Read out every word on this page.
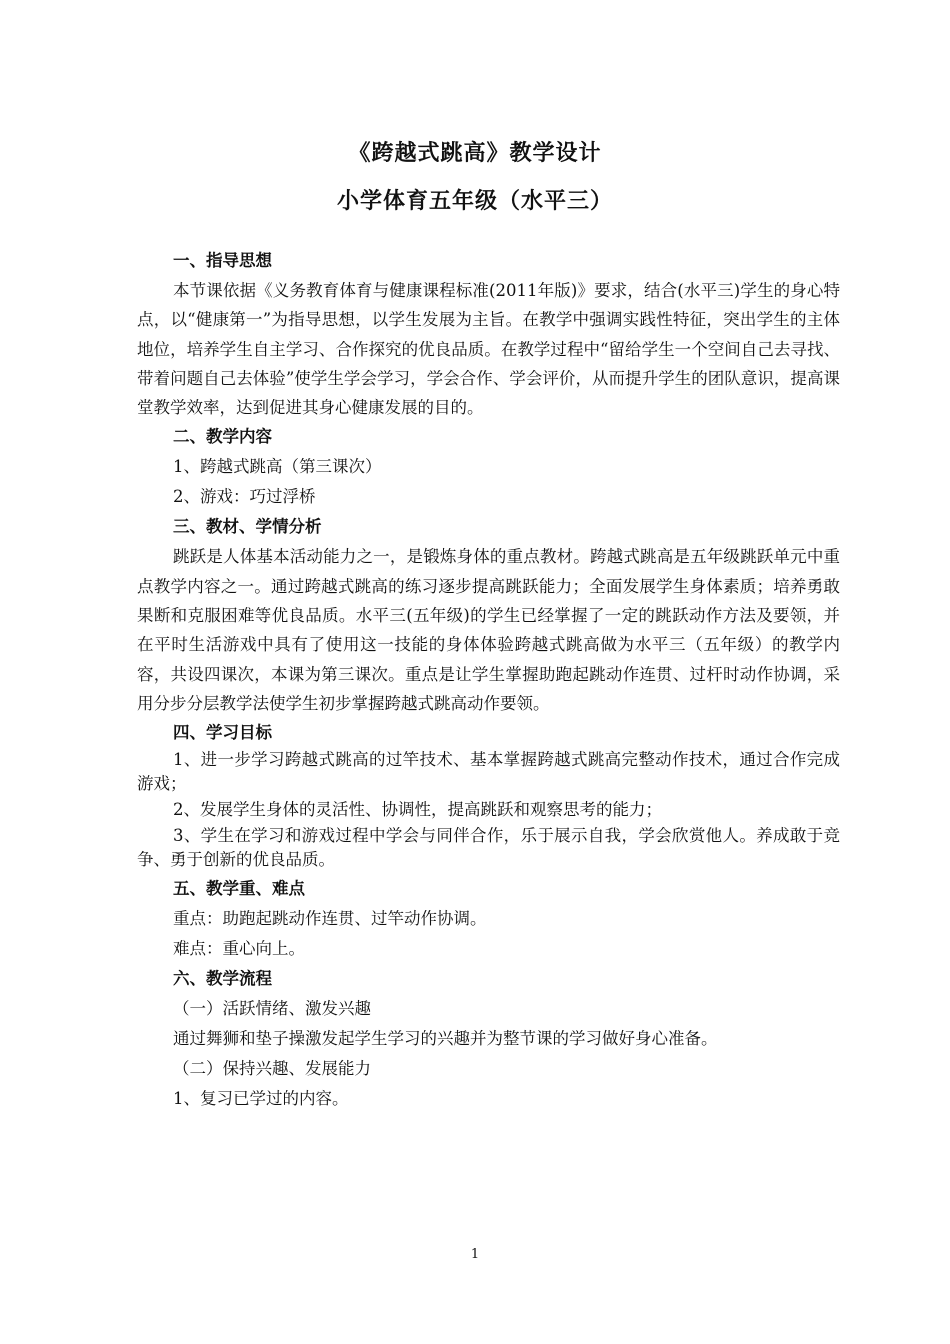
《跨越式跳高》教学设计
小学体育五年级（水平三）
一、指导思想

本节课依据《义务教育体育与健康课程标准(2011年版)》要求，结合(水平三)学生的身心特点，以“健康第一”为指导思想，以学生发展为主旨。在教学中强调实践性特征，突出学生的主体地位，培养学生自主学习、合作探究的优良品质。在教学过程中“留给学生一个空间自己去寻找、带着问题自己去体验”使学生学会学习，学会合作、学会评价，从而提升学生的团队意识，提高课堂教学效率，达到促进其身心健康发展的目的。

二、教学内容
1、跨越式跳高（第三课次）
2、游戏：巧过浮桥
三、教材、学情分析

跳跃是人体基本活动能力之一，是锻炼身体的重点教材。跨越式跳高是五年级跳跃单元中重点教学内容之一。通过跨越式跳高的练习逐步提高跳跃能力；全面发展学生身体素质；培养勇敢果断和克服困难等优良品质。水平三(五年级)的学生已经掌握了一定的跳跃动作方法及要领，并在平时生活游戏中具有了使用这一技能的身体体验跨越式跳高做为水平三（五年级）的教学内容，共设四课次，本课为第三课次。重点是让学生掌握助跑起跳动作连贯、过杆时动作协调，采用分步分层教学法使学生初步掌握跨越式跳高动作要领。

四、学习目标

1、进一步学习跨越式跳高的过竿技术、基本掌握跨越式跳高完整动作技术，通过合作完成游戏；

2、发展学生身体的灵活性、协调性，提高跳跃和观察思考的能力；

3、学生在学习和游戏过程中学会与同伴合作，乐于展示自我，学会欣赏他人。养成敢于竞争、勇于创新的优良品质。

五、教学重、难点
重点：助跑起跳动作连贯、过竿动作协调。
难点：重心向上。
六、教学流程
（一）活跃情绪、激发兴趣
通过舞狮和垫子操激发起学生学习的兴趣并为整节课的学习做好身心准备。
（二）保持兴趣、发展能力
1、复习已学过的内容。
1
